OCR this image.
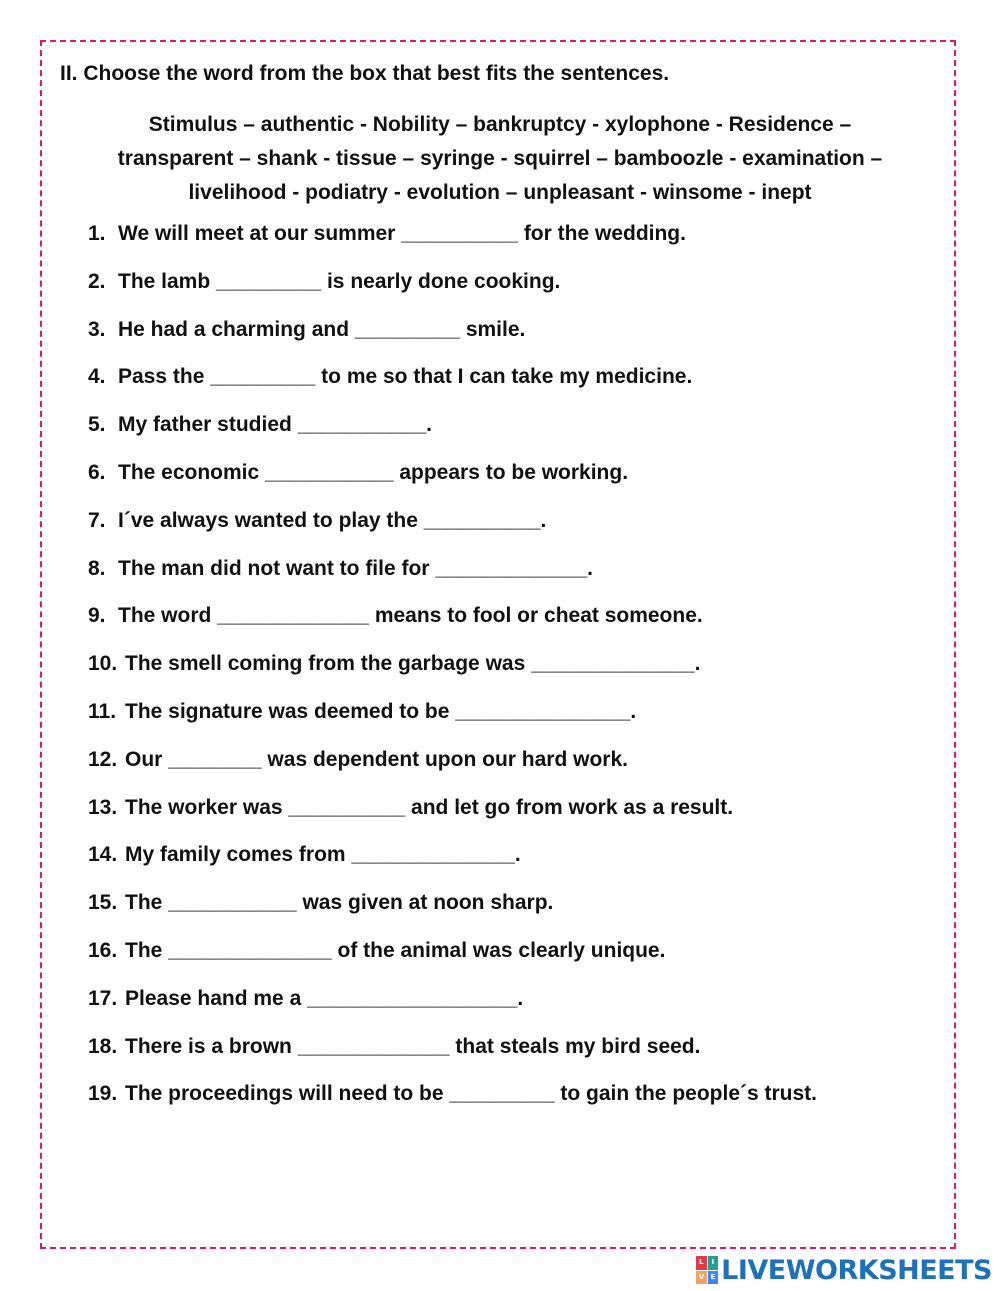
II. Choose the word from the box that best fits the sentences.
Stimulus – authentic - Nobility – bankruptcy - xylophone - Residence –
transparent – shank - tissue – syringe - squirrel – bamboozle - examination –
livelihood - podiatry - evolution – unpleasant - winsome - inept
1. We will meet at our summer __________ for the wedding.
2. The lamb _________ is nearly done cooking.
3. He had a charming and _________ smile.
4. Pass the _________ to me so that I can take my medicine.
5. My father studied ___________.
6. The economic ___________ appears to be working.
7. I´ve always wanted to play the __________.
8. The man did not want to file for _____________.
9. The word _____________ means to fool or cheat someone.
10. The smell coming from the garbage was ______________.
11. The signature was deemed to be _______________.
12. Our ________ was dependent upon our hard work.
13. The worker was __________ and let go from work as a result.
14. My family comes from ______________.
15. The ___________ was given at noon sharp.
16. The ______________ of the animal was clearly unique.
17. Please hand me a __________________.
18. There is a brown _____________ that steals my bird seed.
19. The proceedings will need to be _________ to gain the people´s trust.
L	I
V E LIVEWORKSHEETS
